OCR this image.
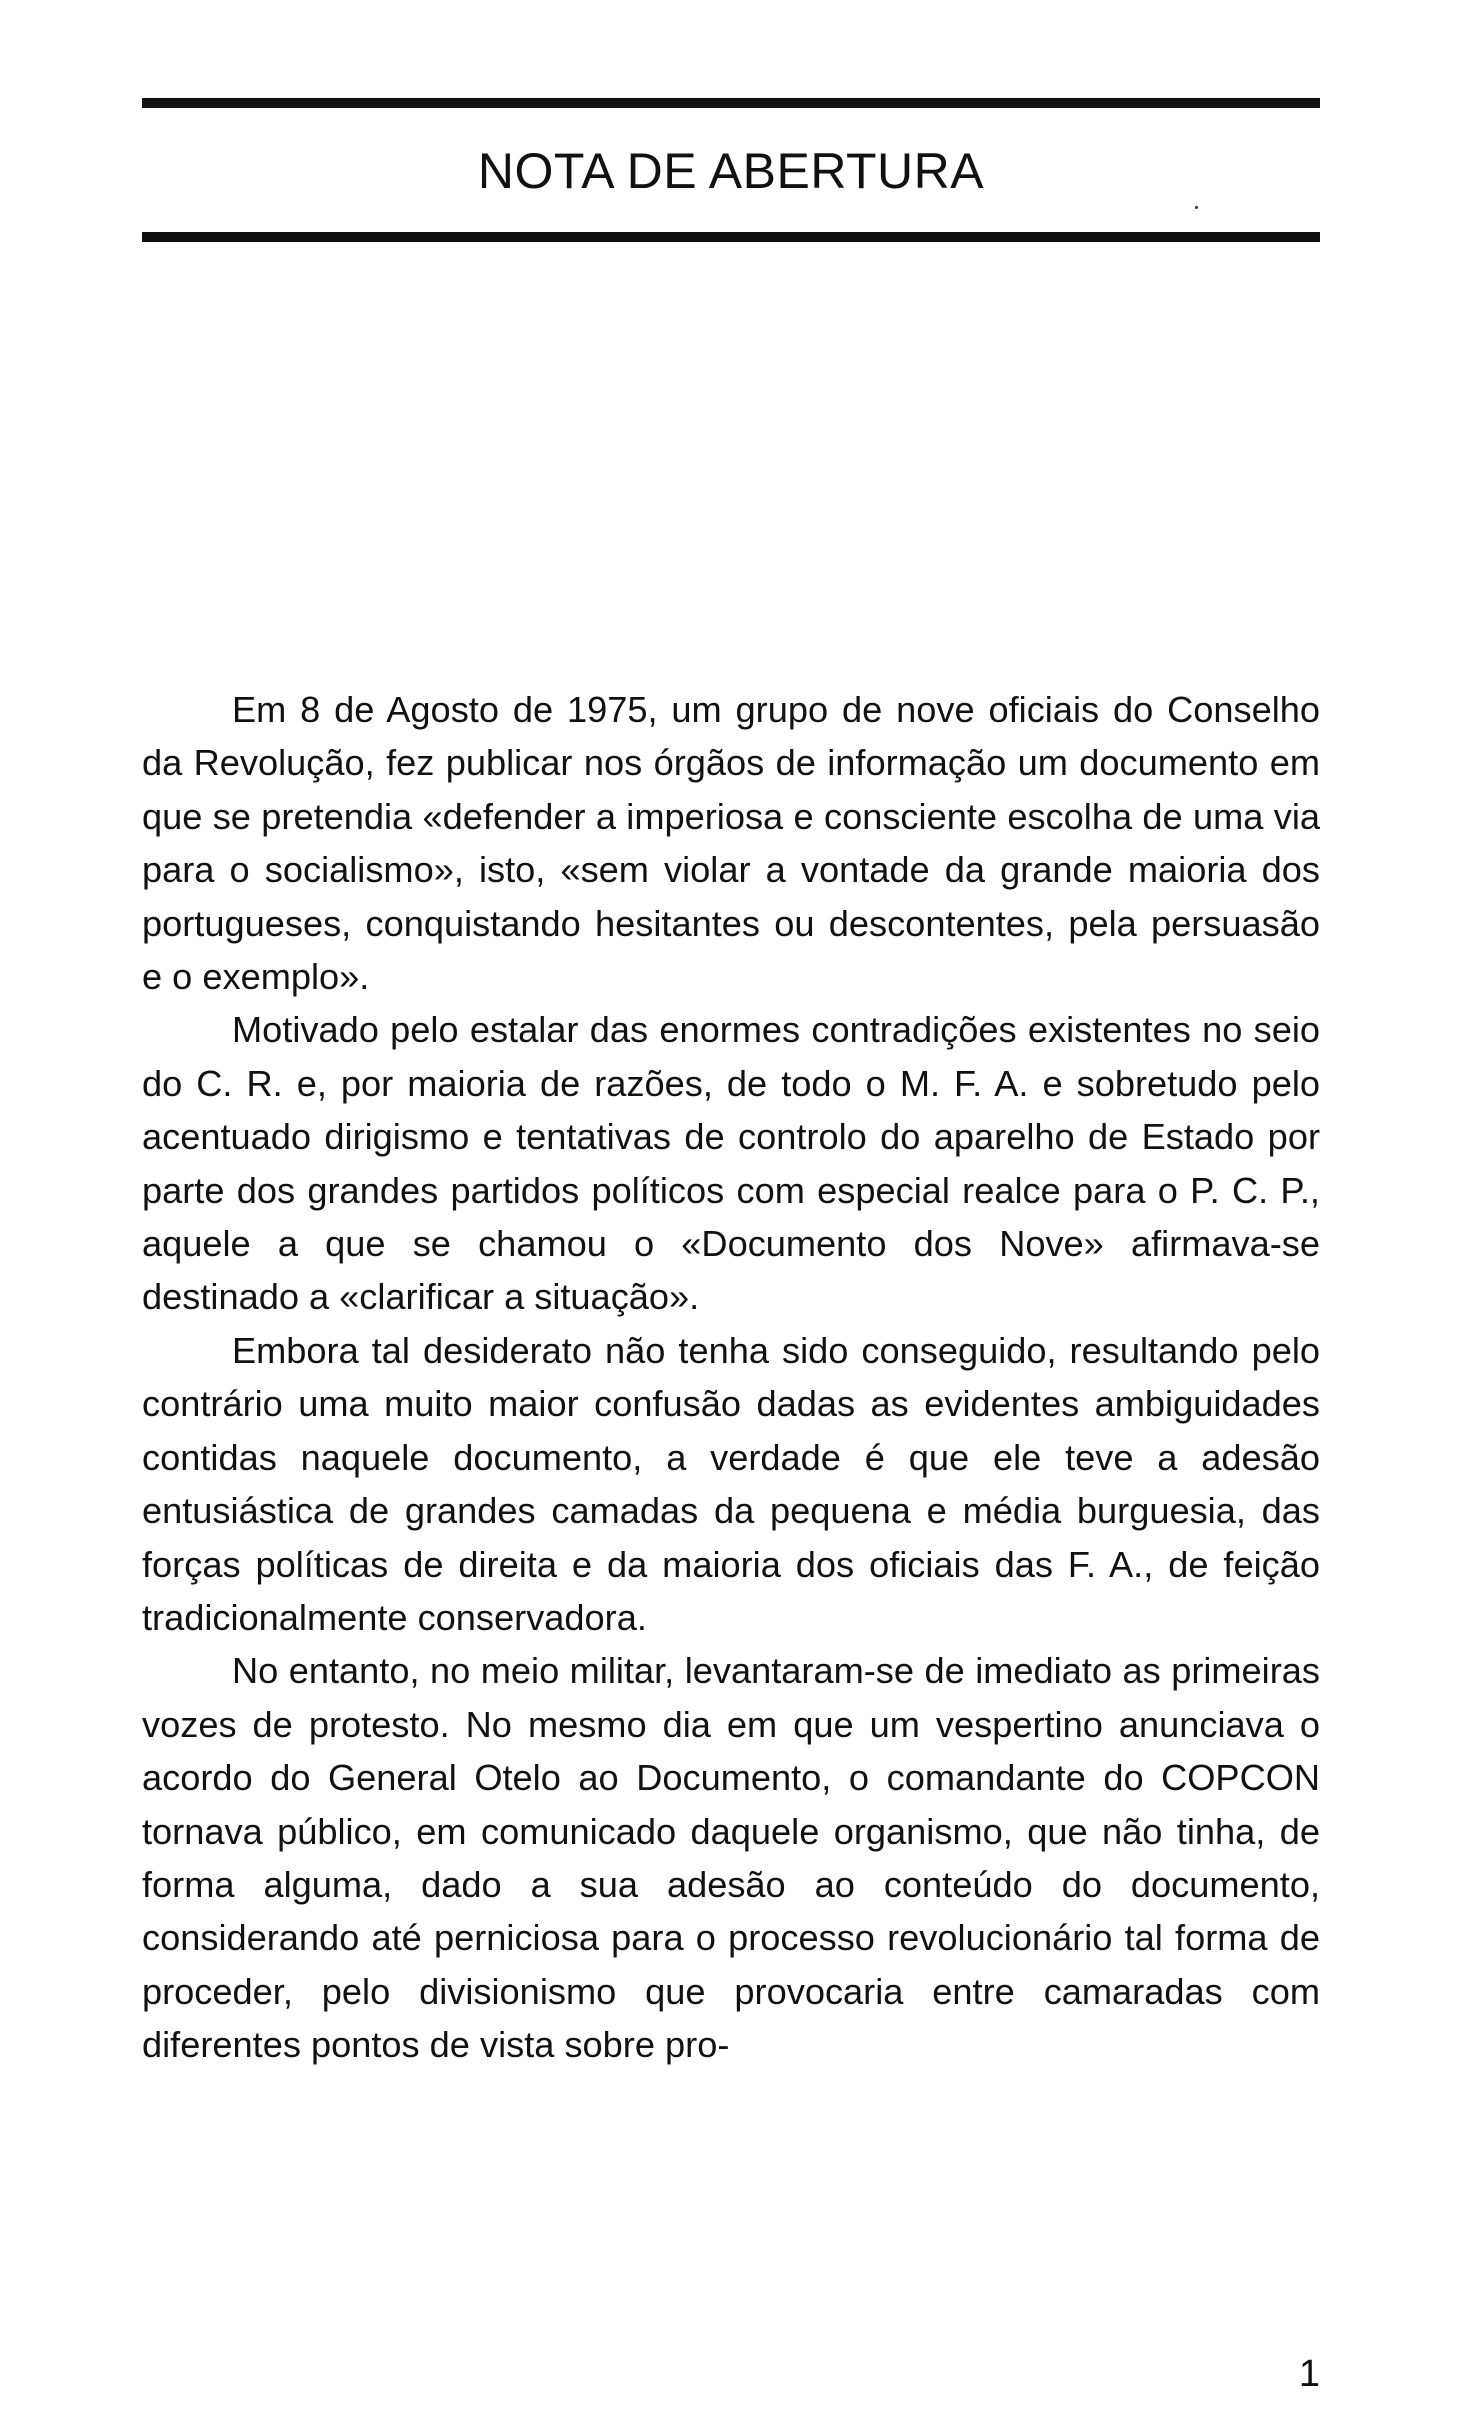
NOTA DE ABERTURA

Em 8 de Agosto de 1975, um grupo de nove oficiais do Conselho da Revolução, fez publicar nos órgãos de informação um documento em que se pretendia «defender a imperiosa e consciente escolha de uma via para o socialismo», isto, «sem violar a vontade da grande maioria dos portugueses, conquistando hesitantes ou descontentes, pela persuasão e o exemplo».

Motivado pelo estalar das enormes contradições existentes no seio do C. R. e, por maioria de razões, de todo o M. F. A. e sobretudo pelo acentuado dirigismo e tentativas de controlo do aparelho de Estado por parte dos grandes partidos políticos com especial realce para o P. C. P., aquele a que se chamou o «Documento dos Nove» afirmava-se destinado a «clarificar a situação».

Embora tal desiderato não tenha sido conseguido, resultando pelo contrário uma muito maior confusão dadas as evidentes ambiguidades contidas naquele documento, a verdade é que ele teve a adesão entusiástica de grandes camadas da pequena e média burguesia, das forças políticas de direita e da maioria dos oficiais das F. A., de feição tradicionalmente conservadora.

No entanto, no meio militar, levantaram-se de imediato as primeiras vozes de protesto. No mesmo dia em que um vespertino anunciava o acordo do General Otelo ao Documento, o comandante do COPCON tornava público, em comunicado daquele organismo, que não tinha, de forma alguma, dado a sua adesão ao conteúdo do documento, considerando até perniciosa para o processo revolucionário tal forma de proceder, pelo divisionismo que provocaria entre camaradas com diferentes pontos de vista sobre pro-

1
